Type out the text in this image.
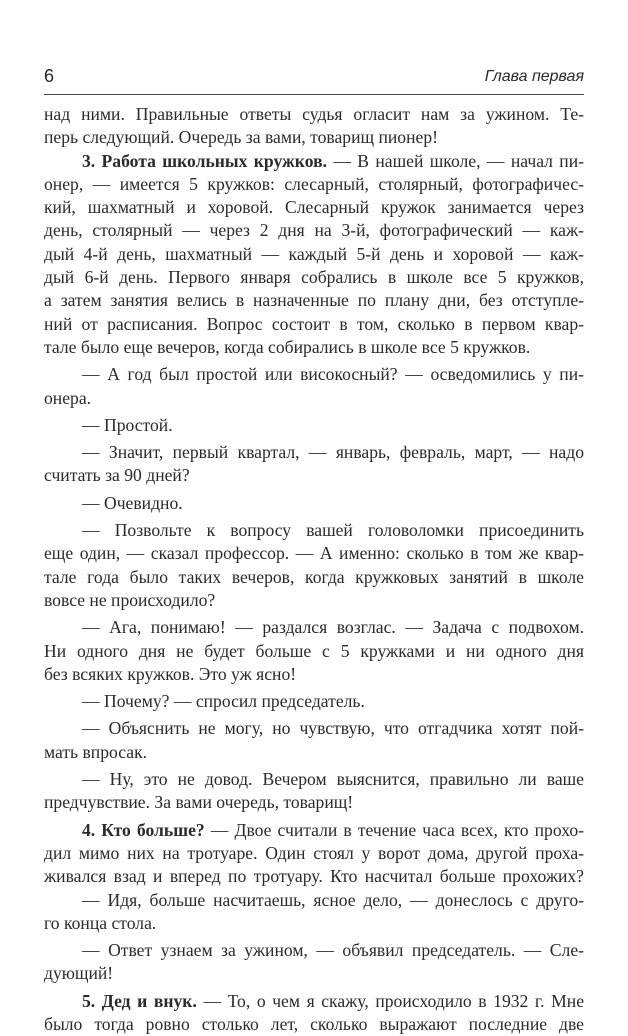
6	Глава первая
над ними. Правильные ответы судья огласит нам за ужином. Те-
перь следующий. Очередь за вами, товарищ пионер!
3. Работа школьных кружков. — В нашей школе, — начал пи-
онер, — имеется 5 кружков: слесарный, столярный, фотографичес-
кий, шахматный и хоровой. Слесарный кружок занимается через
день, столярный — через 2 дня на 3-й, фотографический — каж-
дый 4-й день, шахматный — каждый 5-й день и хоровой — каж-
дый 6-й день. Первого января собрались в школе все 5 кружков,
а затем занятия велись в назначенные по плану дни, без отступле-
ний от расписания. Вопрос состоит в том, сколько в первом квар-
тале было еще вечеров, когда собирались в школе все 5 кружков.
— А год был простой или високосный? — осведомились у пи-
онера.
— Простой.
— Значит, первый квартал, — январь, февраль, март, — надо
считать за 90 дней?
— Очевидно.
— Позвольте к вопросу вашей головоломки присоединить
еще один, — сказал профессор. — А именно: сколько в том же квар-
тале года было таких вечеров, когда кружковых занятий в школе
вовсе не происходило?
— Ага, понимаю! — раздался возглас. — Задача с подвохом.
Ни одного дня не будет больше с 5 кружками и ни одного дня
без всяких кружков. Это уж ясно!
— Почему? — спросил председатель.
— Объяснить не могу, но чувствую, что отгадчика хотят пой-
мать впросак.
— Ну, это не довод. Вечером выяснится, правильно ли ваше
предчувствие. За вами очередь, товарищ!
4. Кто больше? — Двое считали в течение часа всех, кто прохо-
дил мимо них на тротуаре. Один стоял у ворот дома, другой проха-
живался взад и вперед по тротуару. Кто насчитал больше прохожих?
— Идя, больше насчитаешь, ясное дело, — донеслось с друго-
го конца стола.
— Ответ узнаем за ужином, — объявил председатель. — Сле-
дующий!
5. Дед и внук. — То, о чем я скажу, происходило в 1932 г. Мне
было тогда ровно столько лет, сколько выражают последние две
